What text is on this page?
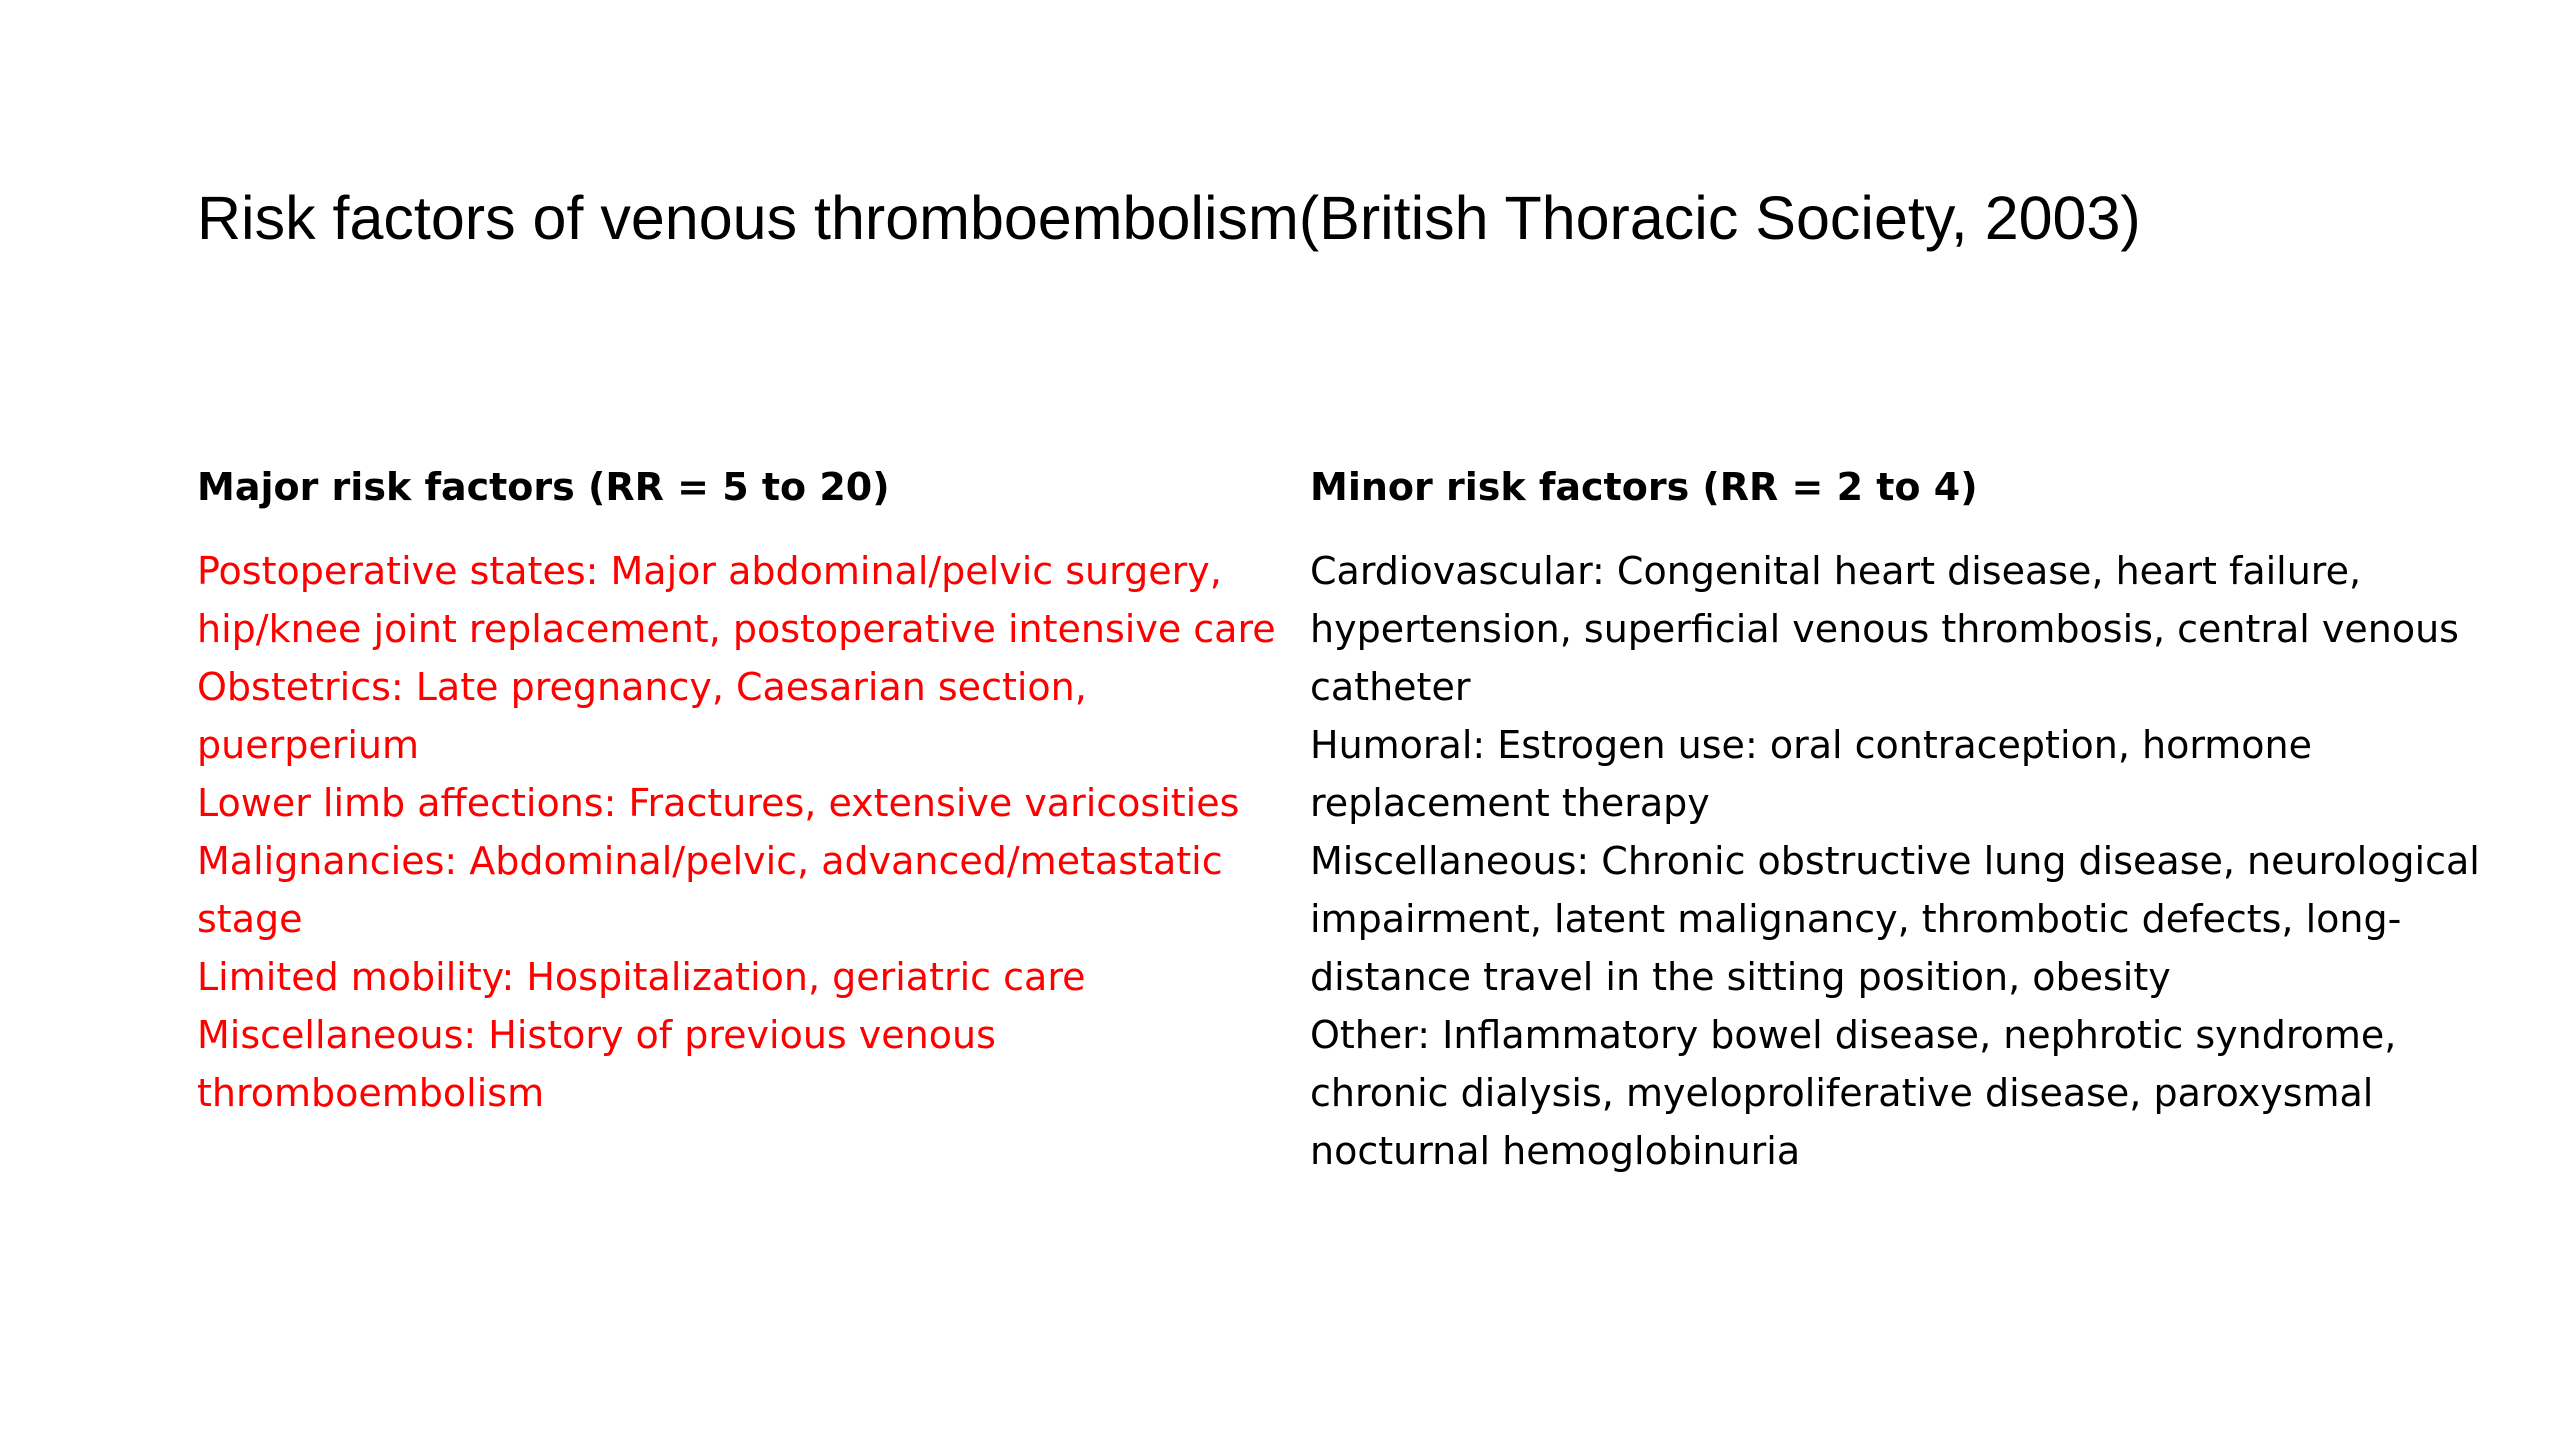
Risk factors of venous thromboembolism(British Thoracic Society, 2003)
Major risk factors (RR = 5 to 20)
Postoperative states: Major abdominal/pelvic surgery, hip/knee joint replacement, postoperative intensive care
Obstetrics: Late pregnancy, Caesarian section, puerperium
Lower limb affections: Fractures, extensive varicosities
Malignancies: Abdominal/pelvic, advanced/metastatic stage
Limited mobility: Hospitalization, geriatric care
Miscellaneous: History of previous venous thromboembolism
Minor risk factors (RR = 2 to 4)
Cardiovascular: Congenital heart disease, heart failure, hypertension, superficial venous thrombosis, central venous catheter
Humoral: Estrogen use: oral contraception, hormone replacement therapy
Miscellaneous: Chronic obstructive lung disease, neurological impairment, latent malignancy, thrombotic defects, long-distance travel in the sitting position, obesity
Other: Inflammatory bowel disease, nephrotic syndrome, chronic dialysis, myeloproliferative disease, paroxysmal nocturnal hemoglobinuria
